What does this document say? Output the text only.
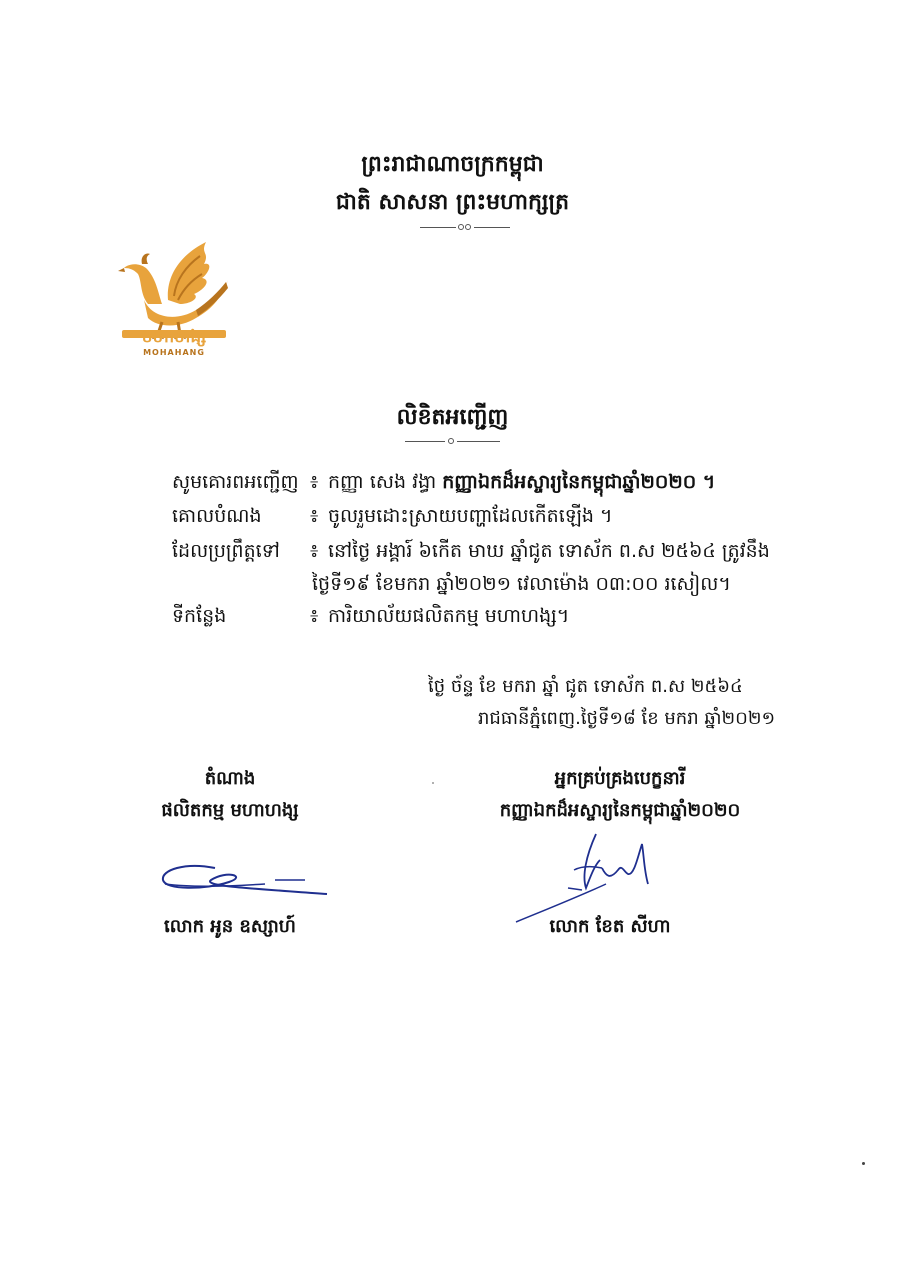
ព្រះរាជាណាចក្រកម្ពុជា
ជាតិ សាសនា ព្រះមហាក្សត្រ
មហាហង្ស
MOHAHANG
លិខិតអញ្ជើញ
សូមគោរពអញ្ជើញ ៖ កញ្ញា សេង វង្ធា កញ្ញាឯកដ៏អស្ចារ្យនៃកម្ពុជាឆ្នាំ២០២០ ។
គោលបំណង	៖ ចូលរួមដោះស្រាយបញ្ហាដែលកើតឡើង ។
ដែលប្រព្រឹត្តទៅ ៖ នៅថ្ងៃ អង្គារ៍ ៦កើត មាឃ ឆ្នាំជូត ទោស័ក ព.ស ២៥៦៤ ត្រូវនឹង
ថ្ងៃទី១៩ ខែមករា ឆ្នាំ២០២១ វេលាម៉ោង ០៣:០០ រសៀល។
ទីកន្លែង	៖ ការិយាល័យផលិតកម្ម មហាហង្ស។
ថ្ងៃ ច័ន្ទ ខែ មករា ឆ្នាំ ជូត ទោស័ក ព.ស ២៥៦៤
រាជធានីភ្នំពេញ.ថ្ងៃទី១៨ ខែ មករា ឆ្នាំ២០២១
តំណាង
ផលិតកម្ម មហាហង្ស
លោក អូន ឧស្សាហ៍
អ្នកគ្រប់គ្រងបេក្ខនារី
កញ្ញាឯកដ៏អស្ចារ្យនៃកម្ពុជាឆ្នាំ២០២០
លោក ខែត សីហា
